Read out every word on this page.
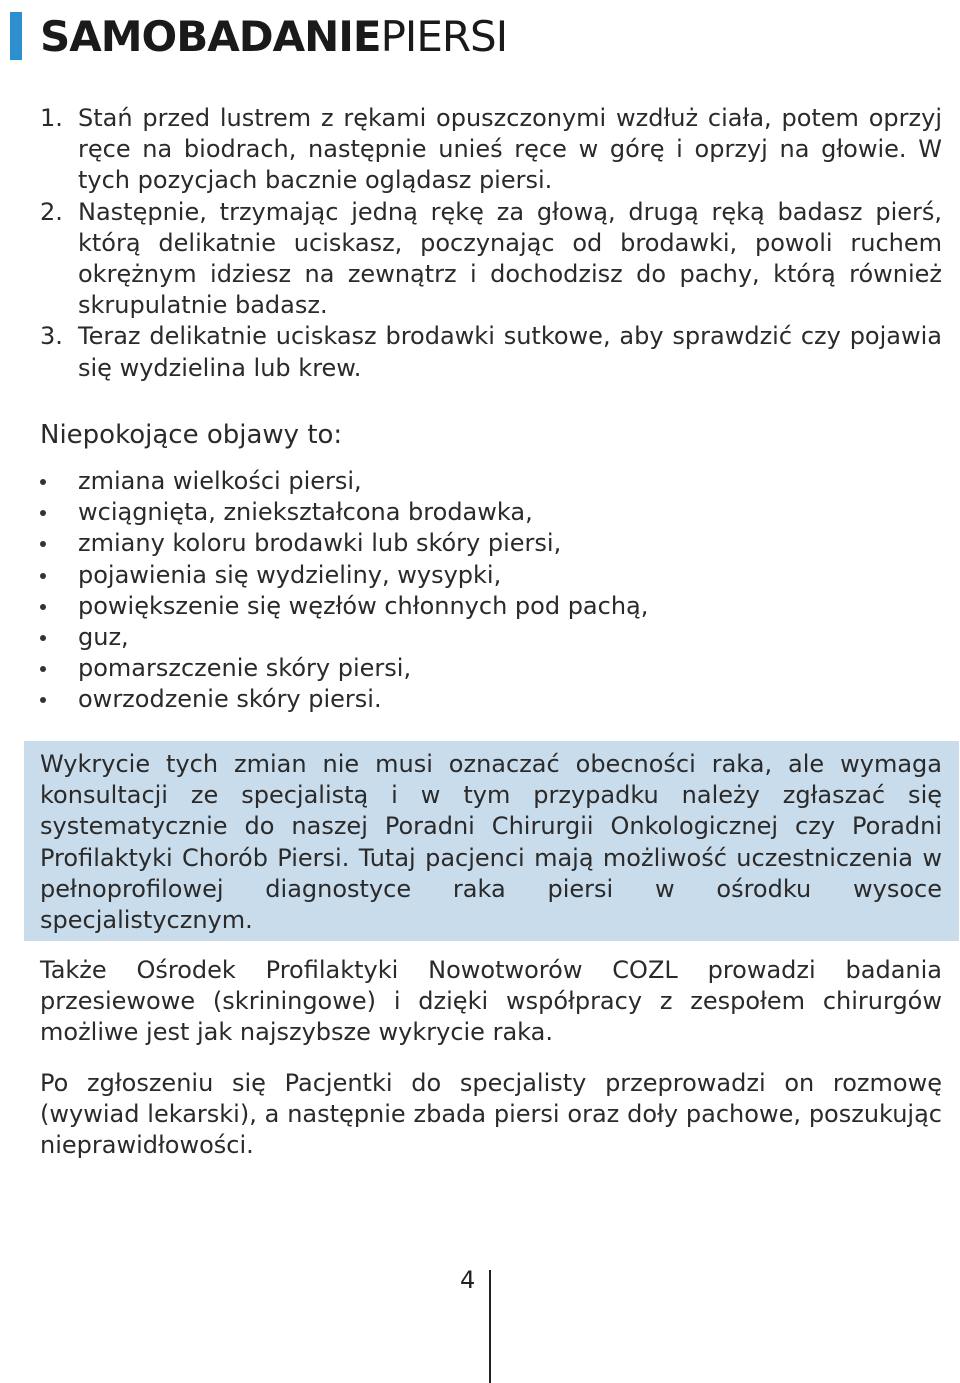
SAMOBADANIEPIERSI
1. Stań przed lustrem z rękami opuszczonymi wzdłuż ciała, potem oprzyj ręce na biodrach, następnie unieś ręce w górę i oprzyj na głowie. W tych pozycjach bacznie oglądasz piersi.
2. Następnie, trzymając jedną rękę za głową, drugą ręką badasz pierś, którą delikatnie uciskasz, poczynając od brodawki, powoli ruchem okrężnym idziesz na zewnątrz i dochodzisz do pachy, którą również skrupulatnie badasz.
3. Teraz delikatnie uciskasz brodawki sutkowe, aby sprawdzić czy pojawia się wydzielina lub krew.
Niepokojące objawy to:
zmiana wielkości piersi,
wciągnięta, zniekształcona brodawka,
zmiany koloru brodawki lub skóry piersi,
pojawienia się wydzieliny, wysypki,
powiększenie się węzłów chłonnych pod pachą,
guz,
pomarszczenie skóry piersi,
owrzodzenie skóry piersi.

Wykrycie tych zmian nie musi oznaczać obecności raka, ale wymaga konsultacji ze specjalistą i w tym przypadku należy zgłaszać się systematycznie do naszej Poradni Chirurgii Onkologicznej czy Poradni Profilaktyki Chorób Piersi. Tutaj pacjenci mają możliwość uczestniczenia w pełnoprofilowej diagnostyce raka piersi w ośrodku wysoce specjalistycznym.

Także Ośrodek Profilaktyki Nowotworów COZL prowadzi badania przesiewowe (skriningowe) i dzięki współpracy z zespołem chirurgów możliwe jest jak najszybsze wykrycie raka.

Po zgłoszeniu się Pacjentki do specjalisty przeprowadzi on rozmowę (wywiad lekarski), a następnie zbada piersi oraz doły pachowe, poszukując nieprawidłowości.

4
